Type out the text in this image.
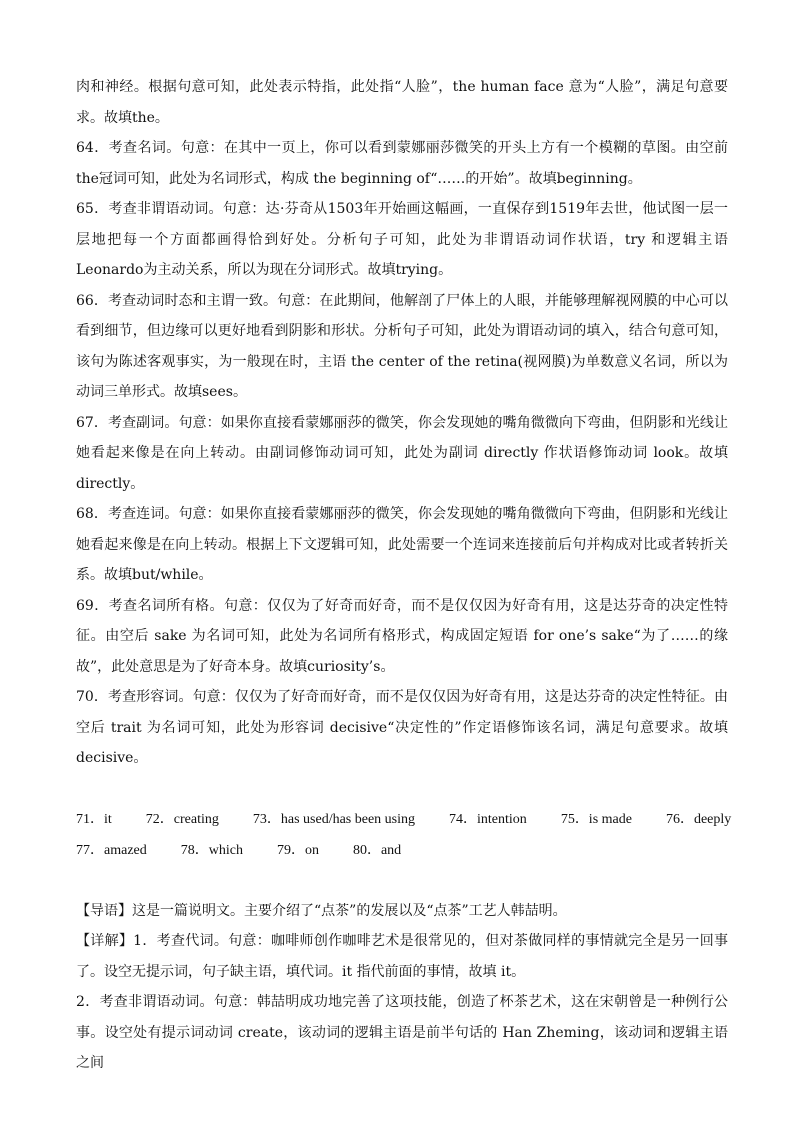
肉和神经。根据句意可知，此处表示特指，此处指“人脸”，the human face 意为“人脸”，满足句意要求。故填the。

64．考查名词。句意：在其中一页上，你可以看到蒙娜丽莎微笑的开头上方有一个模糊的草图。由空前the冠词可知，此处为名词形式，构成 the beginning of“……的开始”。故填beginning。

65．考查非谓语动词。句意：达·芬奇从1503年开始画这幅画，一直保存到1519年去世，他试图一层一层地把每一个方面都画得恰到好处。分析句子可知，此处为非谓语动词作状语，try 和逻辑主语 Leonardo为主动关系，所以为现在分词形式。故填trying。

66．考查动词时态和主谓一致。句意：在此期间，他解剖了尸体上的人眼，并能够理解视网膜的中心可以看到细节，但边缘可以更好地看到阴影和形状。分析句子可知，此处为谓语动词的填入，结合句意可知，该句为陈述客观事实，为一般现在时，主语 the center of the retina(视网膜)为单数意义名词，所以为动词三单形式。故填sees。

67．考查副词。句意：如果你直接看蒙娜丽莎的微笑，你会发现她的嘴角微微向下弯曲，但阴影和光线让她看起来像是在向上转动。由副词修饰动词可知，此处为副词 directly 作状语修饰动词 look。故填directly。

68．考查连词。句意：如果你直接看蒙娜丽莎的微笑，你会发现她的嘴角微微向下弯曲，但阴影和光线让她看起来像是在向上转动。根据上下文逻辑可知，此处需要一个连词来连接前后句并构成对比或者转折关系。故填but/while。

69．考查名词所有格。句意：仅仅为了好奇而好奇，而不是仅仅因为好奇有用，这是达芬奇的决定性特征。由空后 sake 为名词可知，此处为名词所有格形式，构成固定短语 for one’s sake“为了……的缘故”，此处意思是为了好奇本身。故填curiosity’s。

70．考查形容词。句意：仅仅为了好奇而好奇，而不是仅仅因为好奇有用，这是达芬奇的决定性特征。由空后 trait 为名词可知，此处为形容词 decisive“决定性的”作定语修饰该名词，满足句意要求。故填decisive。

71．it 72．creating 73．has used/has been using 74．intention 75．is made 76．deeply
77．amazed 78．which 79．on 80．and

【导语】这是一篇说明文。主要介绍了“点茶”的发展以及“点茶”工艺人韩喆明。

【详解】1．考查代词。句意：咖啡师创作咖啡艺术是很常见的，但对茶做同样的事情就完全是另一回事了。设空无提示词，句子缺主语，填代词。it 指代前面的事情，故填 it。

2．考查非谓语动词。句意：韩喆明成功地完善了这项技能，创造了杯茶艺术，这在宋朝曾是一种例行公事。设空处有提示词动词 create，该动词的逻辑主语是前半句话的 Han Zheming，该动词和逻辑主语之间
